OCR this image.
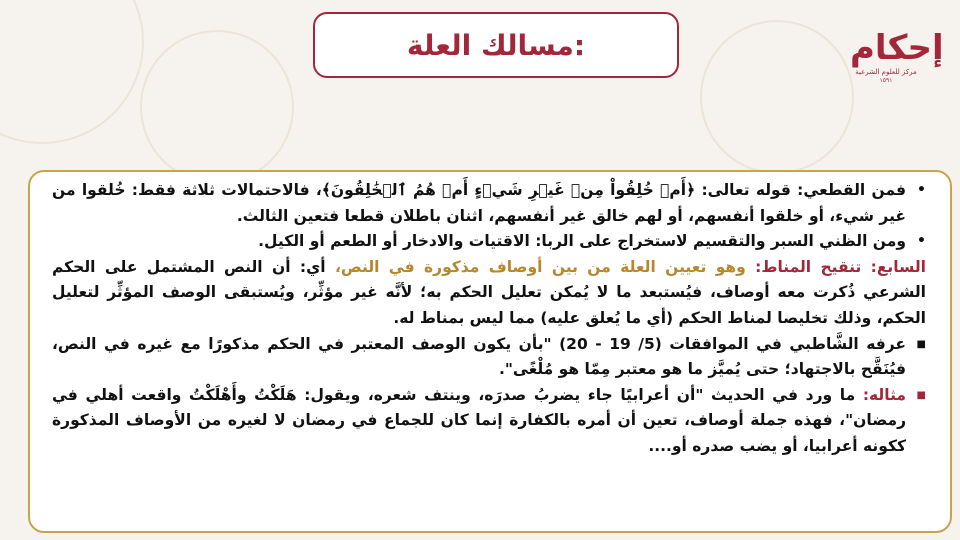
مسالك العلة:	إحكام
مركز للعلوم الشرعية
١٥٩١

•
فمن القطعي: قوله تعالى: ﴿أَمۡ خُلِقُواْ مِنۡ غَيۡرِ شَيۡءٍ أَمۡ هُمُ ٱلۡخَٰلِقُونَ﴾، فالاحتمالات ثلاثة فقط: خُلقوا من غير شيء، أو خلقوا أنفسهم، أو لهم خالق غير أنفسهم، اثنان باطلان قطعا فتعين الثالث.

•
ومن الظني السبر والتقسيم لاستخراج على الربا: الاقتيات والادخار أو الطعم أو الكيل.

السابع: تنقيح المناط: وهو تعيين العلة من بين أوصاف مذكورة في النص، أي: أن النص المشتمل على الحكم الشرعي ذُكرت معه أوصاف، فيُستبعد ما لا يُمكن تعليل الحكم به؛ لأنَّه غير مؤثِّر، ويُستبقى الوصف المؤثِّر لتعليل الحكم، وذلك تخليصا لمناط الحكم (أي ما يُعلق عليه) مما ليس بمناط له.

■
عرفه الشَّاطبي في الموافقات (5/ 19 - 20) "بأن يكون الوصف المعتبر في الحكم مذكورًا مع غيره في النص، فيُنَقَّح بالاجتهاد؛ حتى يُميَّز ما هو معتبر مِمّا هو مُلْغًى".

■
مثاله: ما ورد في الحديث "أن أعرابيًا جاء يضربُ صدرَه، وينتف شعره، ويقول: هَلَكْتُ وأَهْلَكْتُ واقعت أهلي في رمضان"، فهذه جملة أوصاف، تعين أن أمره بالكفارة إنما كان للجماع في رمضان لا لغيره من الأوصاف المذكورة ككونه أعرابيا، أو يضب صدره أو....
